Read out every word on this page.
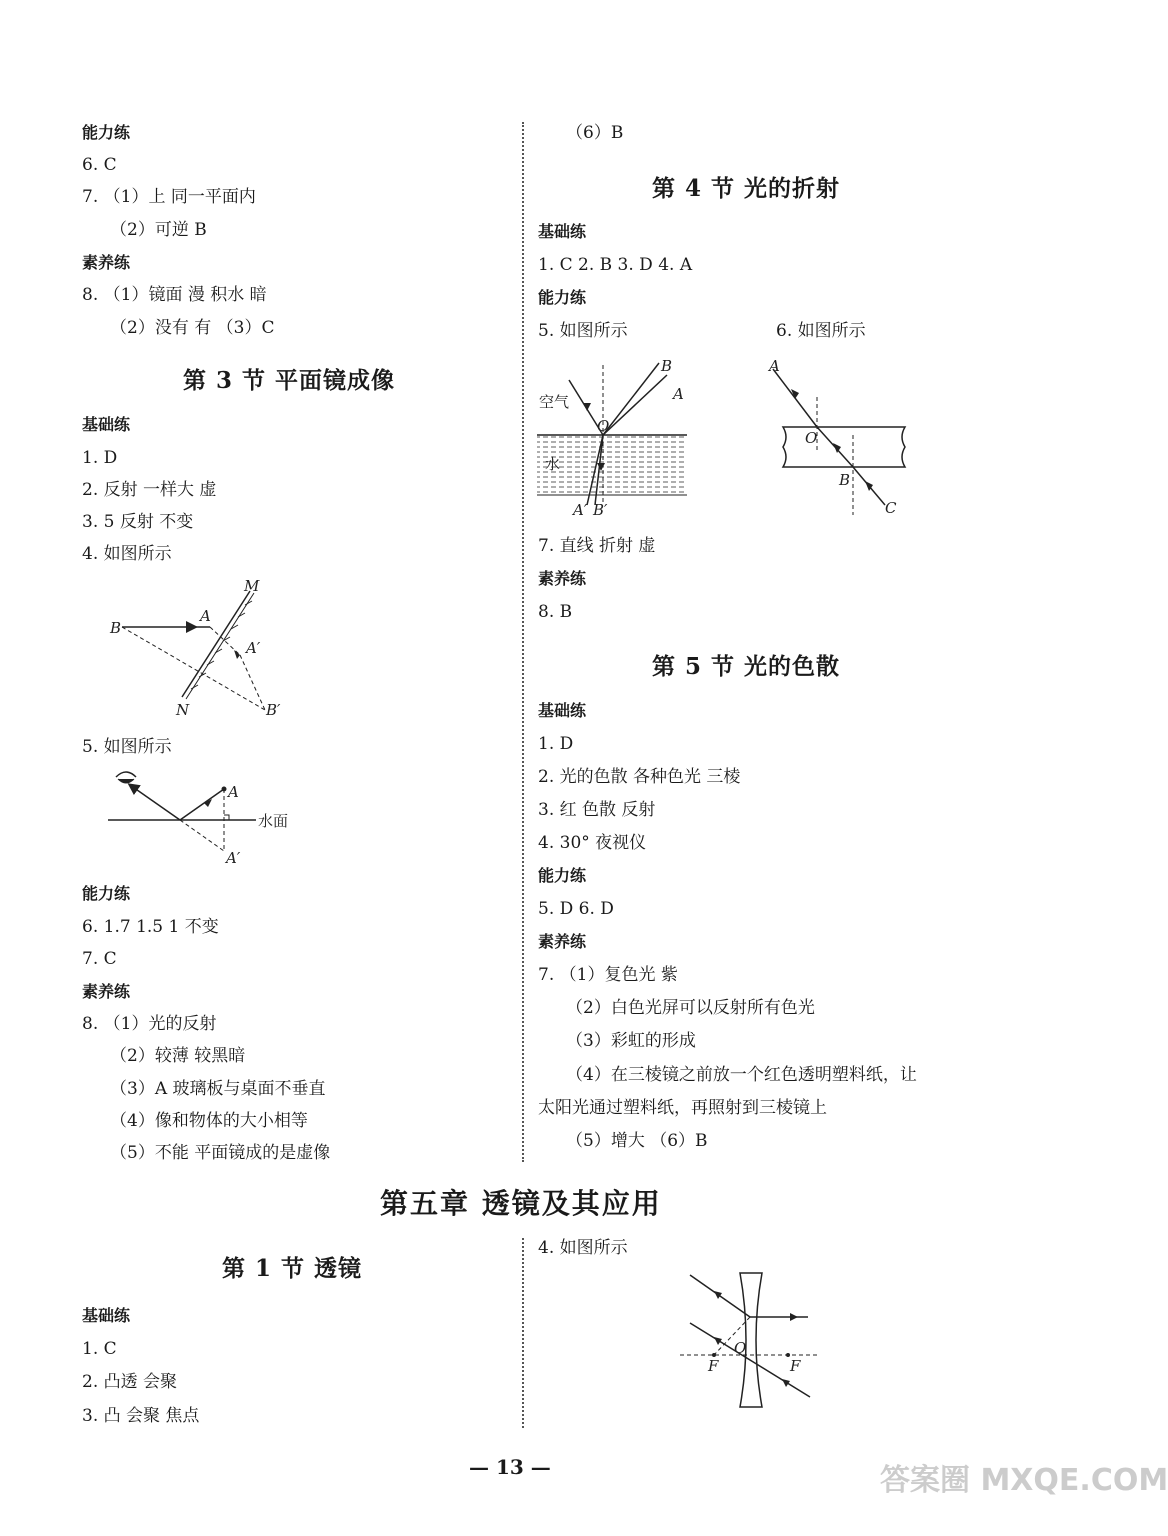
能力练
6. C
7. （1）上 同一平面内
（2）可逆 B
素养练
8. （1）镜面 漫 积水 暗
（2）没有 有 （3）C
第 3 节 平面镜成像
基础练
1. D
2. 反射 一样大 虚
3. 5 反射 不变
4. 如图所示
M
N
A
B
A′
B′
5. 如图所示
A
A′
水面
能力练
6. 1.7 1.5 1 不变
7. C
素养练
8. （1）光的反射
（2）较薄 较黑暗
（3）A 玻璃板与桌面不垂直
（4）像和物体的大小相等
（5）不能 平面镜成的是虚像
（6）B
第 4 节 光的折射
基础练
1. C 2. B 3. D 4. A
能力练
5. 如图所示	6. 如图所示
空气
水
O
A
B
A′ B′
A
O
B
C
7. 直线 折射 虚
素养练
8. B
第 5 节 光的色散
基础练
1. D
2. 光的色散 各种色光 三棱
3. 红 色散 反射
4. 30° 夜视仪
能力练
5. D 6. D
素养练
7. （1）复色光 紫
（2）白色光屏可以反射所有色光
（3）彩虹的形成
（4）在三棱镜之前放一个红色透明塑料纸，让
太阳光通过塑料纸，再照射到三棱镜上
（5）增大 （6）B
第五章 透镜及其应用
第 1 节 透镜
基础练
1. C
2. 凸透 会聚
3. 凸 会聚 焦点
4. 如图所示
F	F
O
— 13 —	答案圈 MXQE.COM
